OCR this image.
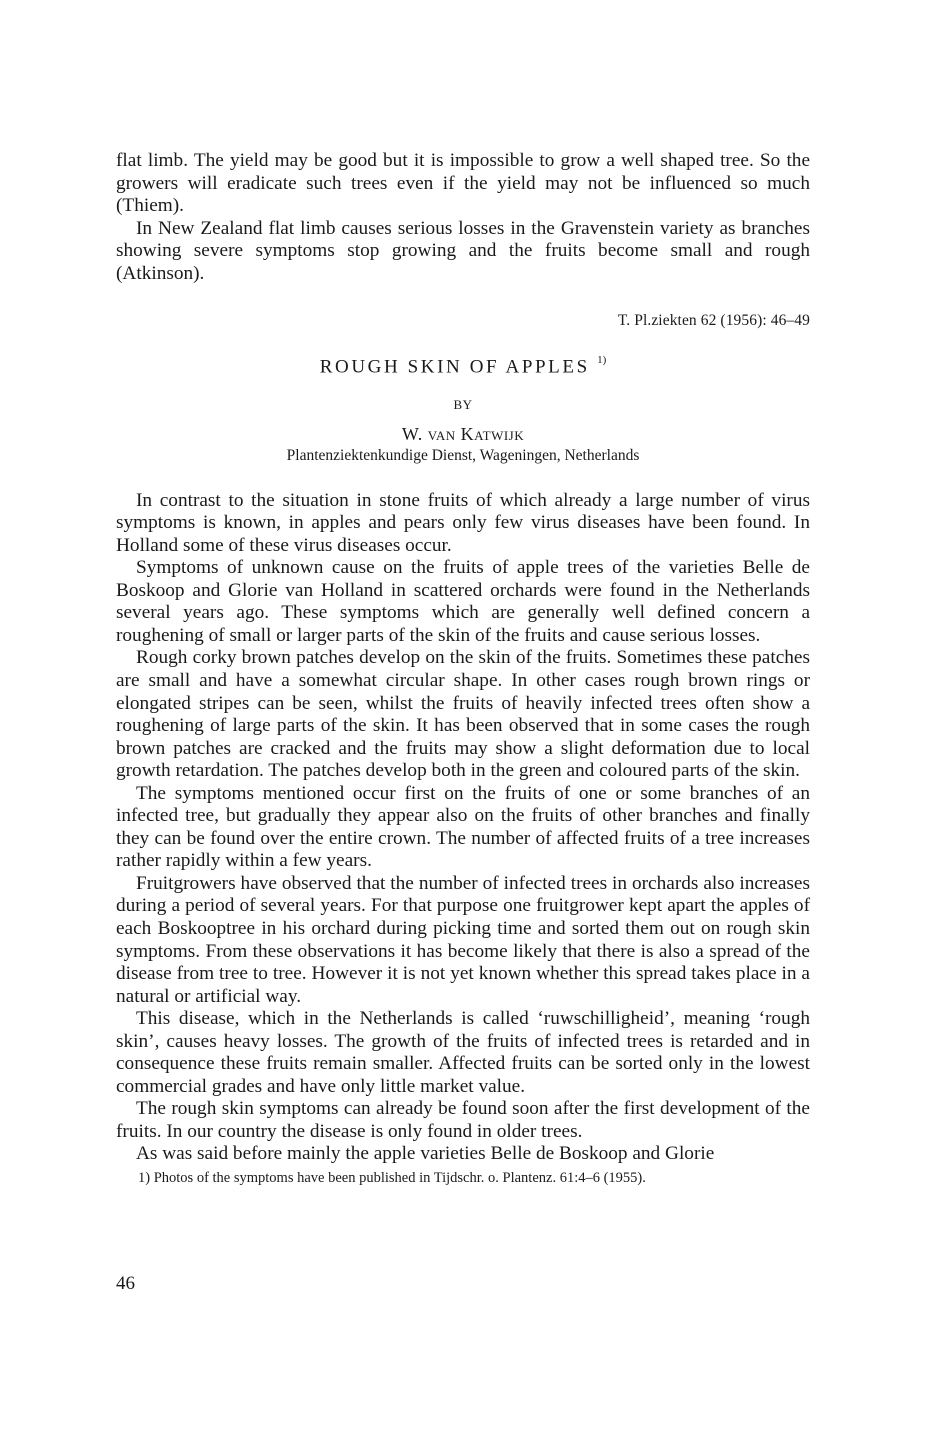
flat limb. The yield may be good but it is impossible to grow a well shaped tree. So the growers will eradicate such trees even if the yield may not be influenced so much (Thiem).

In New Zealand flat limb causes serious losses in the Gravenstein variety as branches showing severe symptoms stop growing and the fruits become small and rough (Atkinson).

T. Pl.ziekten 62 (1956): 46–49
ROUGH SKIN OF APPLES $^{1)}$
BY
W. van Katwijk
Plantenziektenkundige Dienst, Wageningen, Netherlands

In contrast to the situation in stone fruits of which already a large number of virus symptoms is known, in apples and pears only few virus diseases have been found. In Holland some of these virus diseases occur.

Symptoms of unknown cause on the fruits of apple trees of the varieties Belle de Boskoop and Glorie van Holland in scattered orchards were found in the Netherlands several years ago. These symptoms which are generally well defined concern a roughening of small or larger parts of the skin of the fruits and cause serious losses.

Rough corky brown patches develop on the skin of the fruits. Sometimes these patches are small and have a somewhat circular shape. In other cases rough brown rings or elongated stripes can be seen, whilst the fruits of heavily infected trees often show a roughening of large parts of the skin. It has been observed that in some cases the rough brown patches are cracked and the fruits may show a slight deformation due to local growth retardation. The patches develop both in the green and coloured parts of the skin.

The symptoms mentioned occur first on the fruits of one or some branches of an infected tree, but gradually they appear also on the fruits of other branches and finally they can be found over the entire crown. The number of affected fruits of a tree increases rather rapidly within a few years.

Fruitgrowers have observed that the number of infected trees in orchards also increases during a period of several years. For that purpose one fruitgrower kept apart the apples of each Bosko​optree in his orchard during picking time and sorted them out on rough skin symptoms. From these observations it has become likely that there is also a spread of the disease from tree to tree. However it is not yet known whether this spread takes place in a natural or artificial way.

This disease, which in the Netherlands is called ‘ruwschilligheid’, meaning ‘rough skin’, causes heavy losses. The growth of the fruits of infected trees is retarded and in consequence these fruits remain smaller. Affected fruits can be sorted only in the lowest commercial grades and have only little market value.

The rough skin symptoms can already be found soon after the first development of the fruits. In our country the disease is only found in older trees.

As was said before mainly the apple varieties Belle de Boskoop and Glorie

1) Photos of the symptoms have been published in Tijdschr. o. Plantenz. 61:4–6 (1955).

46
